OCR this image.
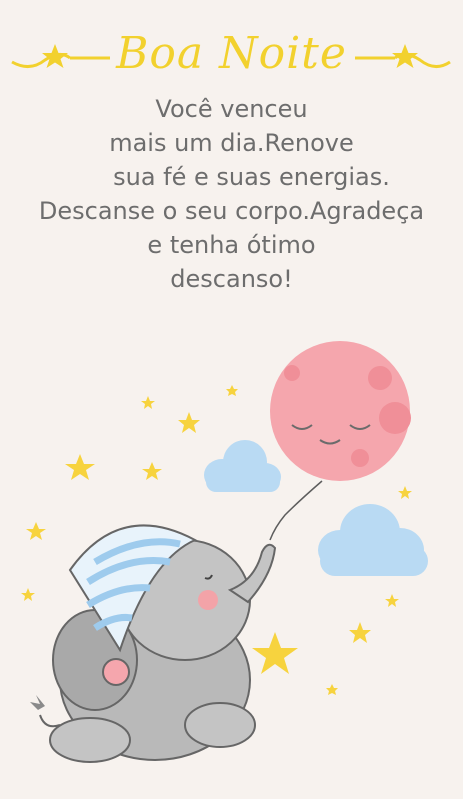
Boa Noite
Você venceu
mais um dia.Renove
sua fé e suas energias.
Descanse o seu corpo.Agradeça
e tenha ótimo
descanso!
